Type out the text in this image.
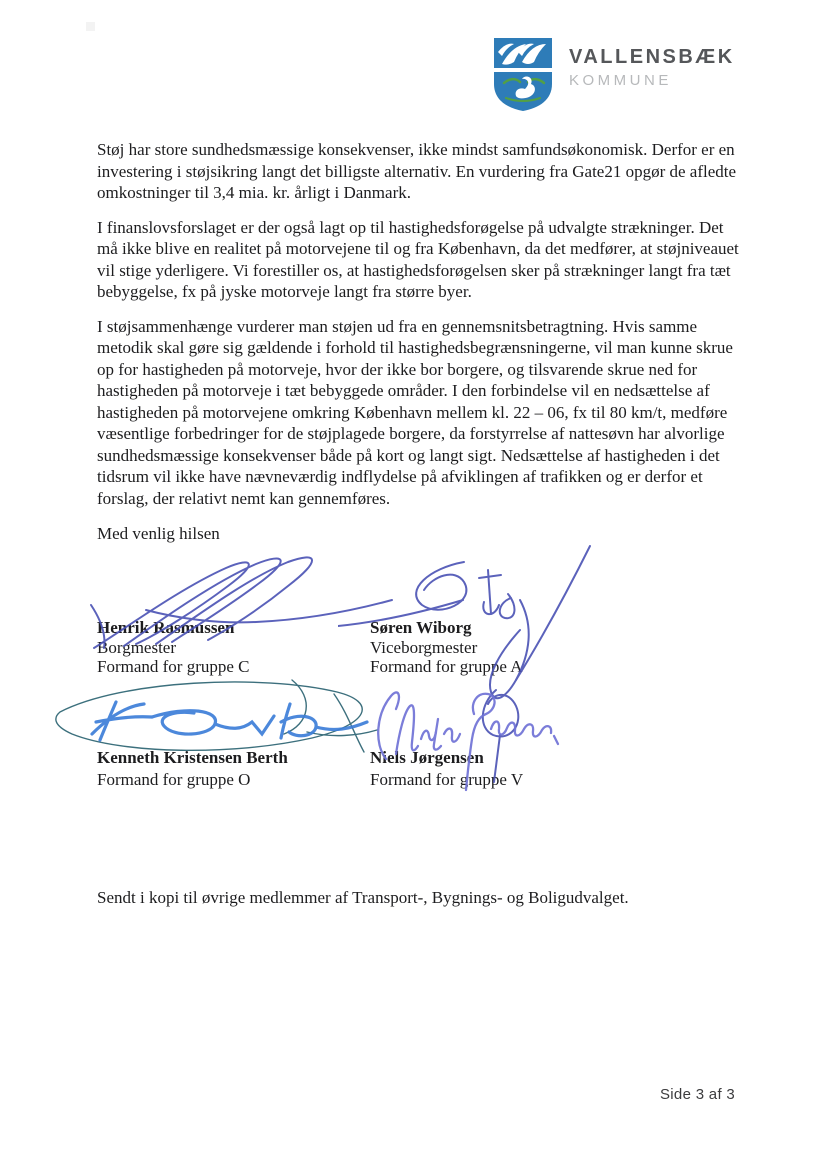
VALLENSBÆK
KOMMUNE

Støj har store sundhedsmæssige konsekvenser, ikke mindst samfundsøkonomisk. Derfor er en investering i støjsikring langt det billigste alternativ. En vurdering fra Gate21 opgør de afledte omkostninger til 3,4 mia. kr. årligt i Danmark.

I finanslovsforslaget er der også lagt op til hastighedsforøgelse på udvalgte strækninger. Det må ikke blive en realitet på motorvejene til og fra København, da det medfører, at støjniveauet vil stige yderligere. Vi forestiller os, at hastighedsforøgelsen sker på strækninger langt fra tæt bebyggelse, fx på jyske motorveje langt fra større byer.

I støjsammenhænge vurderer man støjen ud fra en gennemsnitsbetragtning. Hvis samme metodik skal gøre sig gældende i forhold til hastighedsbegrænsningerne, vil man kunne skrue op for hastigheden på motorveje, hvor der ikke bor borgere, og tilsvarende skrue ned for hastigheden på motorveje i tæt bebyggede områder. I den forbindelse vil en nedsættelse af hastigheden på motorvejene omkring København mellem kl. 22 – 06, fx til 80 km/t, medføre væsentlige forbedringer for de støjplagede borgere, da forstyrrelse af nattesøvn har alvorlige sundhedsmæssige konsekvenser både på kort og langt sigt. Nedsættelse af hastigheden i det tidsrum vil ikke have nævneværdig indflydelse på afviklingen af trafikken og er derfor et forslag, der relativt nemt kan gennemføres.

Med venlig hilsen
Henrik Rasmussen
Borgmester
Formand for gruppe C
Søren Wiborg
Viceborgmester
Formand for gruppe A
Kenneth Kristensen Berth
Formand for gruppe O
Niels Jørgensen
Formand for gruppe V
Sendt i kopi til øvrige medlemmer af Transport-, Bygnings- og Boligudvalget.
Side 3 af 3
